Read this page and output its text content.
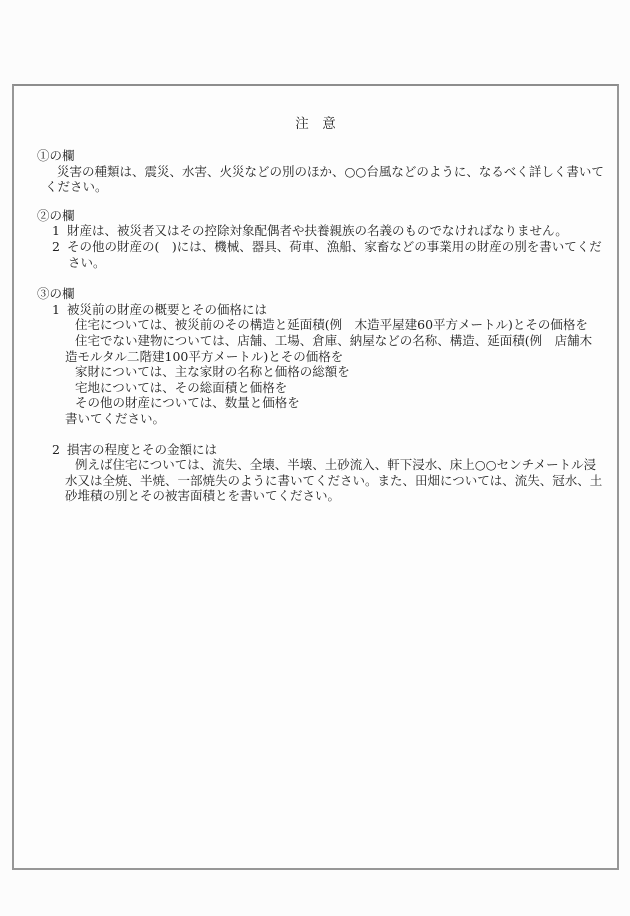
注　意
①の欄
災害の種類は、震災、水害、火災などの別のほか、○○台風などのように、なるべく詳しく書いて
ください。
②の欄
1 財産は、被災者又はその控除対象配偶者や扶養親族の名義のものでなければなりません。
2 その他の財産の(　)には、機械、器具、荷車、漁船、家畜などの事業用の財産の別を書いてくだ
さい。
③の欄
1 被災前の財産の概要とその価格には
住宅については、被災前のその構造と延面積(例　木造平屋建60平方メートル)とその価格を
住宅でない建物については、店舗、工場、倉庫、納屋などの名称、構造、延面積(例　店舗木
造モルタル二階建100平方メートル)とその価格を
家財については、主な家財の名称と価格の総額を
宅地については、その総面積と価格を
その他の財産については、数量と価格を
書いてください。
2 損害の程度とその金額には
例えば住宅については、流失、全壊、半壊、土砂流入、軒下浸水、床上○○センチメートル浸
水又は全焼、半焼、一部焼失のように書いてください。また、田畑については、流失、冠水、土
砂堆積の別とその被害面積とを書いてください。
